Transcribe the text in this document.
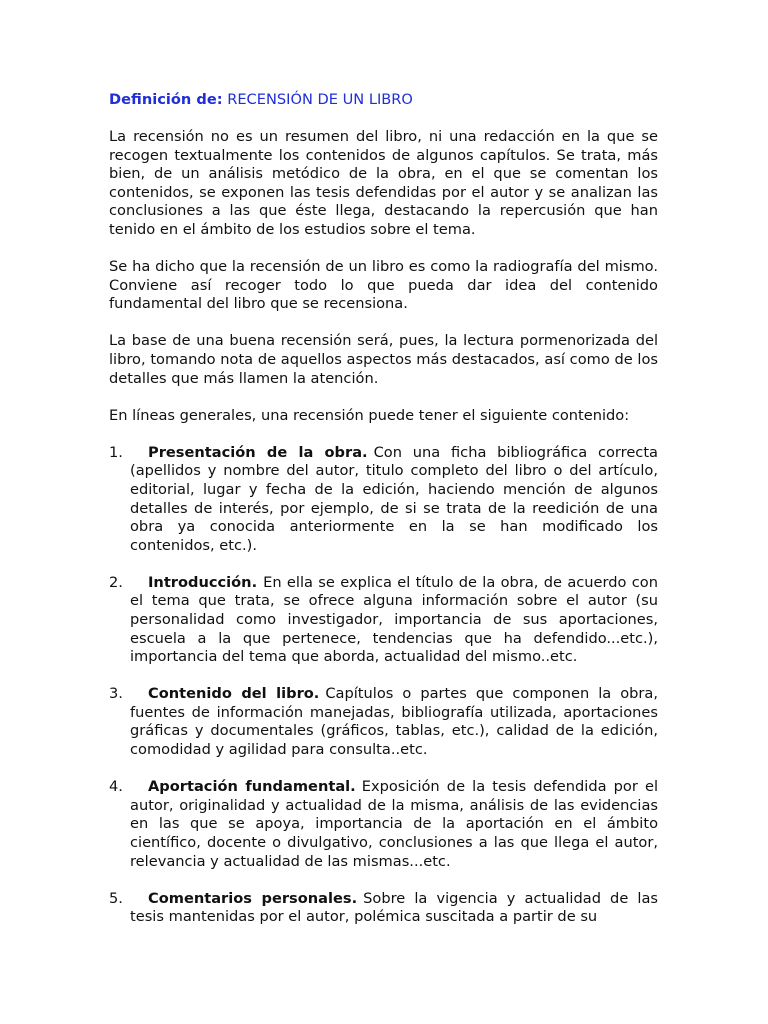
Definición de: RECENSIÓN DE UN LIBRO

La recensión no es un resumen del libro, ni una redacción en la que se recogen textualmente los contenidos de algunos capítulos. Se trata, más bien, de un análisis metódico de la obra, en el que se comentan los contenidos, se exponen las tesis defendidas por el autor y se analizan las conclusiones a las que éste llega, destacando la repercusión que han tenido en el ámbito de los estudios sobre el tema.

Se ha dicho que la recensión de un libro es como la radiografía del mismo. Conviene así recoger todo lo que pueda dar idea del contenido fundamental del libro que se recensiona.

La base de una buena recensión será, pues, la lectura pormenorizada del libro, tomando nota de aquellos aspectos más destacados, así como de los detalles que más llamen la atención.

En líneas generales, una recensión puede tener el siguiente contenido:

1. Presentación de la obra. Con una ficha bibliográfica correcta (apellidos y nombre del autor, titulo completo del libro o del artículo, editorial, lugar y fecha de la edición, haciendo mención de algunos detalles de interés, por ejemplo, de si se trata de la reedición de una obra ya conocida anteriormente en la se han modificado los contenidos, etc.).
2. Introducción. En ella se explica el título de la obra, de acuerdo con el tema que trata, se ofrece alguna información sobre el autor (su personalidad como investigador, importancia de sus aportaciones, escuela a la que pertenece, tendencias que ha defendido...etc.), importancia del tema que aborda, actualidad del mismo..etc.
3. Contenido del libro. Capítulos o partes que componen la obra, fuentes de información manejadas, bibliografía utilizada, aportaciones gráficas y documentales (gráficos, tablas, etc.), calidad de la edición, comodidad y agilidad para consulta..etc.
4. Aportación fundamental. Exposición de la tesis defendida por el autor, originalidad y actualidad de la misma, análisis de las evidencias en las que se apoya, importancia de la aportación en el ámbito científico, docente o divulgativo, conclusiones a las que llega el autor, relevancia y actualidad de las mismas...etc.
5. Comentarios personales. Sobre la vigencia y actualidad de las tesis mantenidas por el autor, polémica suscitada a partir de su
